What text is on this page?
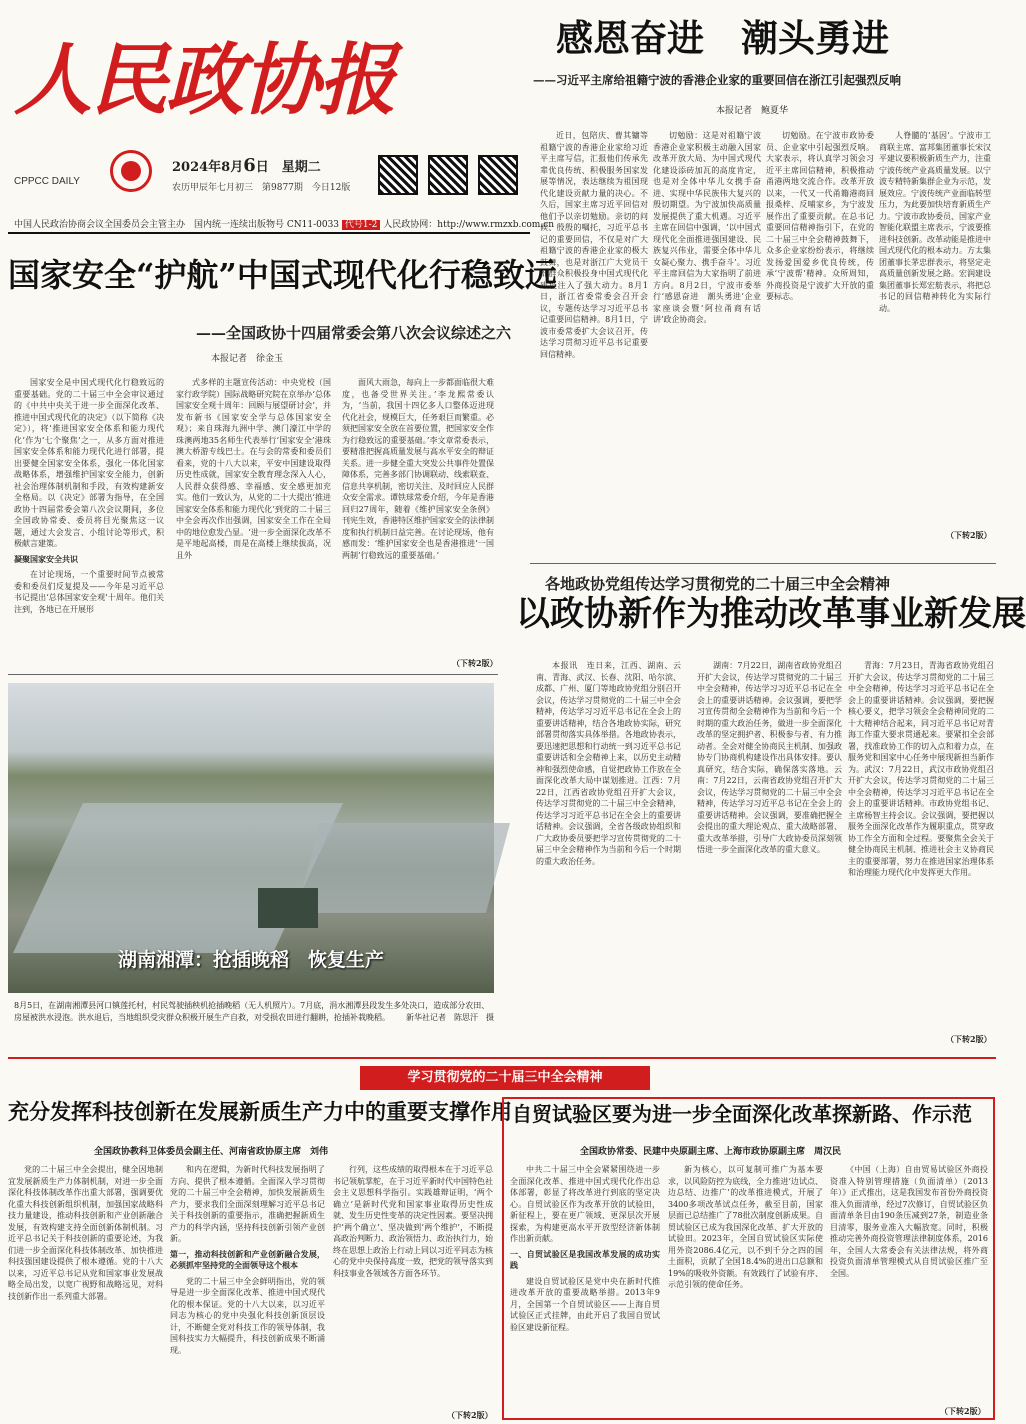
人民政协报
CPPCC DAILY
2024年8月6日　星期二
农历甲辰年七月初三　第9877期　今日12版
中国人民政治协商会议全国委员会主管主办　国内统一连续出版物号 CN11-0033 代号1-2 人民政协网：http://www.rmzxb.com.cn
感恩奋进　潮头勇进
——习近平主席给祖籍宁波的香港企业家的重要回信在浙江引起强烈反响
本报记者　鲍夏华

近日，包陪庆、曹其镛等祖籍宁波的香港企业家给习近平主席写信，汇报他们传承先辈优良传统、积极服务国家发展等情况，表达继续为祖国现代化建设贡献力量的决心。不久后，国家主席习近平回信对他们予以亲切勉励。亲切的问候、殷殷的嘱托，习近平总书记的重要回信，不仅是对广大祖籍宁波的香港企业家的极大鼓舞，也是对浙江广大党员干部群众积极投身中国式现代化建设注入了强大动力。8月1日，浙江省委常委会召开会议，专题传达学习习近平总书记重要回信精神。8月1日，宁波市委常委扩大会议召开，传达学习贯彻习近平总书记重要回信精神。

切勉励：这是对祖籍宁波香港企业家积极主动融入国家改革开放大局、为中国式现代化建设添砖加瓦的高度肯定，也是对全体中华儿女携手奋进、实现中华民族伟大复兴的殷切期望。为宁波加快高质量发展提供了重大机遇。习近平主席在回信中强调，‘以中国式现代化全面推进强国建设、民族复兴伟业，需要全体中华儿女凝心聚力、携手奋斗’。习近平主席回信为大家指明了前进方向。8月2日，宁波市委举行‘感恩奋进　潮头勇进’企业家座谈会暨‘阿拉甬商有话讲’政企协商会。

切勉励。在宁波市政协委员、企业家中引起强烈反响。大家表示，将认真学习领会习近平主席回信精神，积极推动甬港两地交流合作。改革开放以来，一代又一代甬籍港商回报桑梓、反哺家乡，为宁波发展作出了重要贡献。在总书记重要回信精神指引下，在党的二十届三中全会精神鼓舞下，众多企业家纷纷表示，将继续发扬爱国爱乡优良传统，传承‘宁波帮’精神。众所周知，外商投资是宁波扩大开放的重要标志。

人脊髓的‘基因’。宁波市工商联主席、富邦集团董事长宋汉平建议要积极新质生产力，注重宁波传统产业高质量发展。以宁波专精特新集群企业为示范，发展效应。宁波传统产业面临转型压力，为此要加快培育新质生产力。宁波市政协委员、国家产业智能化联盟主席表示，宁波要推进科技创新。改革动能是推进中国式现代化的根本动力。方太集团董事长茅忠群表示，将坚定走高质量创新发展之路。宏润建设集团董事长郑宏舫表示，将把总书记的回信精神转化为实际行动。

（下转2版）
国家安全“护航”中国式现代化行稳致远
——全国政协十四届常委会第八次会议综述之六
本报记者　徐金玉

国家安全是中国式现代化行稳致远的重要基础。党的二十届三中全会审议通过的《中共中央关于进一步全面深化改革、推进中国式现代化的决定》（以下简称《决定》），将‘推进国家安全体系和能力现代化’作为‘七个聚焦’之一，从多方面对推进国家安全体系和能力现代化进行部署，提出要健全国家安全体系，强化一体化国家战略体系，增强维护国家安全能力，创新社会治理体制机制和手段，有效构建新安全格局。以《决定》部署为指导，在全国政协十四届常委会第八次会议期间，多位全国政协常委、委员将目光聚焦这一议题，通过大会发言、小组讨论等形式，积极献言建策。

凝聚国家安全共识

在讨论现场，一个重要时间节点被常委和委员们反复提及——今年是习近平总书记提出‘总体国家安全观’十周年。他们关注到，各地已在开展形

式多样的主题宣传活动：中央党校（国家行政学院）国际战略研究院在京举办‘总体国家安全观十周年：回顾与展望研讨会’，并发布新书《国家安全学与总体国家安全观》；来自珠海九洲中学、澳门濠江中学的珠澳两地35名师生代表举行‘国家安全’港珠澳大桥游专线巴士。在与会的常委和委员们看来，党的十八大以来，平安中国建设取得历史性成就，国家安全教育理念深入人心，人民群众获得感、幸福感、安全感更加充实。他们一致认为，从党的二十大提出‘推进国家安全体系和能力现代化’到党的二十届三中全会再次作出强调，国家安全工作在全局中的地位愈发凸显。‘进一步全面深化改革不是平地起高楼，而是在高楼上继续拔高，况且外

面风大雨急，每向上一步都面临很大难度，也备受世界关注。’李龙熙常委认为，‘当前，我国十四亿多人口整体迈进现代化社会，规模巨大，任务艰巨而繁重。必须把国家安全放在首要位置，把国家安全作为行稳致远的重要基础。’李文章常委表示，要精准把握高质量发展与高水平安全的辩证关系。进一步健全重大突发公共事件处置保障体系，完善多部门协调联动、线索联查、信息共享机制，密切关注、及时回应人民群众安全需求。谭铁球常委介绍，今年是香港回归27周年，随着《维护国家安全条例》刊宪生效，香港特区维护国家安全的法律制度和执行机制日益完善。在讨论现场，他有感而发：‘维护国家安全也是香港推进‘一国两制’行稳致远的重要基础。’

（下转2版）
湖南湘潭：抢插晚稻　恢复生产
8月5日，在湖南湘潭县河口镇莲托村，村民驾驶插秧机抢插晚稻（无人机照片）。7月底，涓水湘潭县段发生多处决口，造成部分农田、房屋被洪水浸泡。洪水退后，当地组织受灾群众积极开展生产自救，对受损农田进行翻耕，抢插补栽晚稻。 新华社记者　陈思汗　摄
各地政协党组传达学习贯彻党的二十届三中全会精神
以政协新作为推动改革事业新发展

本报讯　连日来，江西、湖南、云南、青海、武汉、长春、沈阳、哈尔滨、成都、广州、厦门等地政协党组分别召开会议，传达学习贯彻党的二十届三中全会精神，传达学习习近平总书记在全会上的重要讲话精神，结合各地政协实际，研究部署贯彻落实具体举措。各地政协表示，要迅速把思想和行动统一到习近平总书记重要讲话和全会精神上来，以历史主动精神和强烈使命感，自觉把政协工作放在全面深化改革大局中谋划推进。江西：7月22日，江西省政协党组召开扩大会议，传达学习贯彻党的二十届三中全会精神，传达学习习近平总书记在全会上的重要讲话精神。会议强调，全省各级政协组织和广大政协委员要把学习宣传贯彻党的二十届三中全会精神作为当前和今后一个时期的重大政治任务。

湖南：7月22日，湖南省政协党组召开扩大会议，传达学习贯彻党的二十届三中全会精神，传达学习习近平总书记在全会上的重要讲话精神。会议强调，要把学习宣传贯彻全会精神作为当前和今后一个时期的重大政治任务，做进一步全面深化改革的坚定拥护者、积极参与者、有力推动者。全会对健全协商民主机制、加强政协专门协商机构建设作出具体安排。要认真研究，结合实际，确保落实落地。云南：7月22日，云南省政协党组召开扩大会议，传达学习贯彻党的二十届三中全会精神，传达学习习近平总书记在全会上的重要讲话精神。会议强调，要准确把握全会提出的重大理论观点、重大战略部署、重大改革举措，引导广大政协委员深刻领悟进一步全面深化改革的重大意义。

青海：7月23日，青海省政协党组召开扩大会议，传达学习贯彻党的二十届三中全会精神，传达学习习近平总书记在全会上的重要讲话精神。会议强调，要把握核心要义，把学习领会全会精神同党的二十大精神结合起来，同习近平总书记对青海工作重大要求贯通起来。要紧扣全会部署，找准政协工作的切入点和着力点，在服务党和国家中心任务中展现新担当新作为。武汉：7月22日，武汉市政协党组召开扩大会议，传达学习贯彻党的二十届三中全会精神，传达学习习近平总书记在全会上的重要讲话精神。市政协党组书记、主席杨智主持会议。会议强调，要把握以服务全面深化改革作为履职重点，贯穿政协工作全方面和全过程。要聚焦全会关于健全协商民主机制、推进社会主义协商民主的重要部署，努力在推进国家治理体系和治理能力现代化中发挥更大作用。

（下转2版）
学习贯彻党的二十届三中全会精神
充分发挥科技创新在发展新质生产力中的重要支撑作用
全国政协教科卫体委员会副主任、河南省政协原主席　刘伟

党的二十届三中全会提出，健全因地制宜发展新质生产力体制机制，对进一步全面深化科技体制改革作出重大部署，强调要优化重大科技创新组织机制，加强国家战略科技力量建设，推动科技创新和产业创新融合发展，有效构建支持全面创新体制机制。习近平总书记关于科技创新的重要论述，为我们进一步全面深化科技体制改革、加快推进科技强国建设提供了根本遵循。党的十八大以来，习近平总书记从党和国家事业发展战略全局出发，以宽广视野和战略远见，对科技创新作出一系列重大部署。

和内在逻辑，为新时代科技发展指明了方向、提供了根本遵循。全面深入学习贯彻党的二十届三中全会精神，加快发展新质生产力，要求我们全面深刻理解习近平总书记关于科技创新的重要指示，准确把握新质生产力的科学内涵，坚持科技创新引领产业创新。

第一，推动科技创新和产业创新融合发展，必须抓牢坚持党的全面领导这个根本

党的二十届三中全会鲜明指出，党的领导是进一步全面深化改革、推进中国式现代化的根本保证。党的十八大以来，以习近平同志为核心的党中央强化科技创新顶层设计，不断健全党对科技工作的领导体制，我国科技实力大幅提升，科技创新成果不断涌现。

行列，这些成绩的取得根本在于习近平总书记领航掌舵，在于习近平新时代中国特色社会主义思想科学指引。实践雄辩证明，‘两个确立’是新时代党和国家事业取得历史性成就、发生历史性变革的决定性因素。要坚决拥护‘两个确立’、坚决做到‘两个维护’，不断提高政治判断力、政治领悟力、政治执行力，始终在思想上政治上行动上同以习近平同志为核心的党中央保持高度一致，把党的领导落实到科技事业各领域各方面各环节。

（下转2版）
自贸试验区要为进一步全面深化改革探新路、作示范
全国政协常委、民建中央原副主席、上海市政协原副主席　周汉民

中共二十届三中全会紧紧围绕进一步全面深化改革、推进中国式现代化作出总体部署，彰显了将改革进行到底的坚定决心。自贸试验区作为改革开放的试验田，新征程上，要在更广领域、更深层次开展探索，为构建更高水平开放型经济新体制作出新贡献。

一、自贸试验区是我国改革发展的成功实践

建设自贸试验区是党中央在新时代推进改革开放的重要战略举措。2013年9月，全国第一个自贸试验区——上海自贸试验区正式挂牌，由此开启了我国自贸试验区建设新征程。

新为核心，以可复制可推广为基本要求，以风险防控为底线，全力推进‘边试点、边总结、边推广’的改革推进模式，开展了3400多项改革试点任务，截至目前，国家层面已总结推广了78批次制度创新成果。自贸试验区已成为我国深化改革、扩大开放的试验田。2023年，全国自贸试验区实际使用外资2086.4亿元，以不到千分之四的国土面积，贡献了全国18.4%的进出口总额和19%的吸收外资额。有效践行了试验有序、示范引领的使命任务。

《中国（上海）自由贸易试验区外商投资准入特别管理措施（负面清单）（2013年）》正式推出，这是我国发布首份外商投资准入负面清单，经过7次修订，自贸试验区负面清单条目由190条压减到27条，制造业条目清零，服务业准入大幅放宽。同时，积极推动完善外商投资管理法律制度体系，2016年，全国人大常委会有关法律法规，将外商投资负面清单管理模式从自贸试验区推广至全国。

（下转2版）
